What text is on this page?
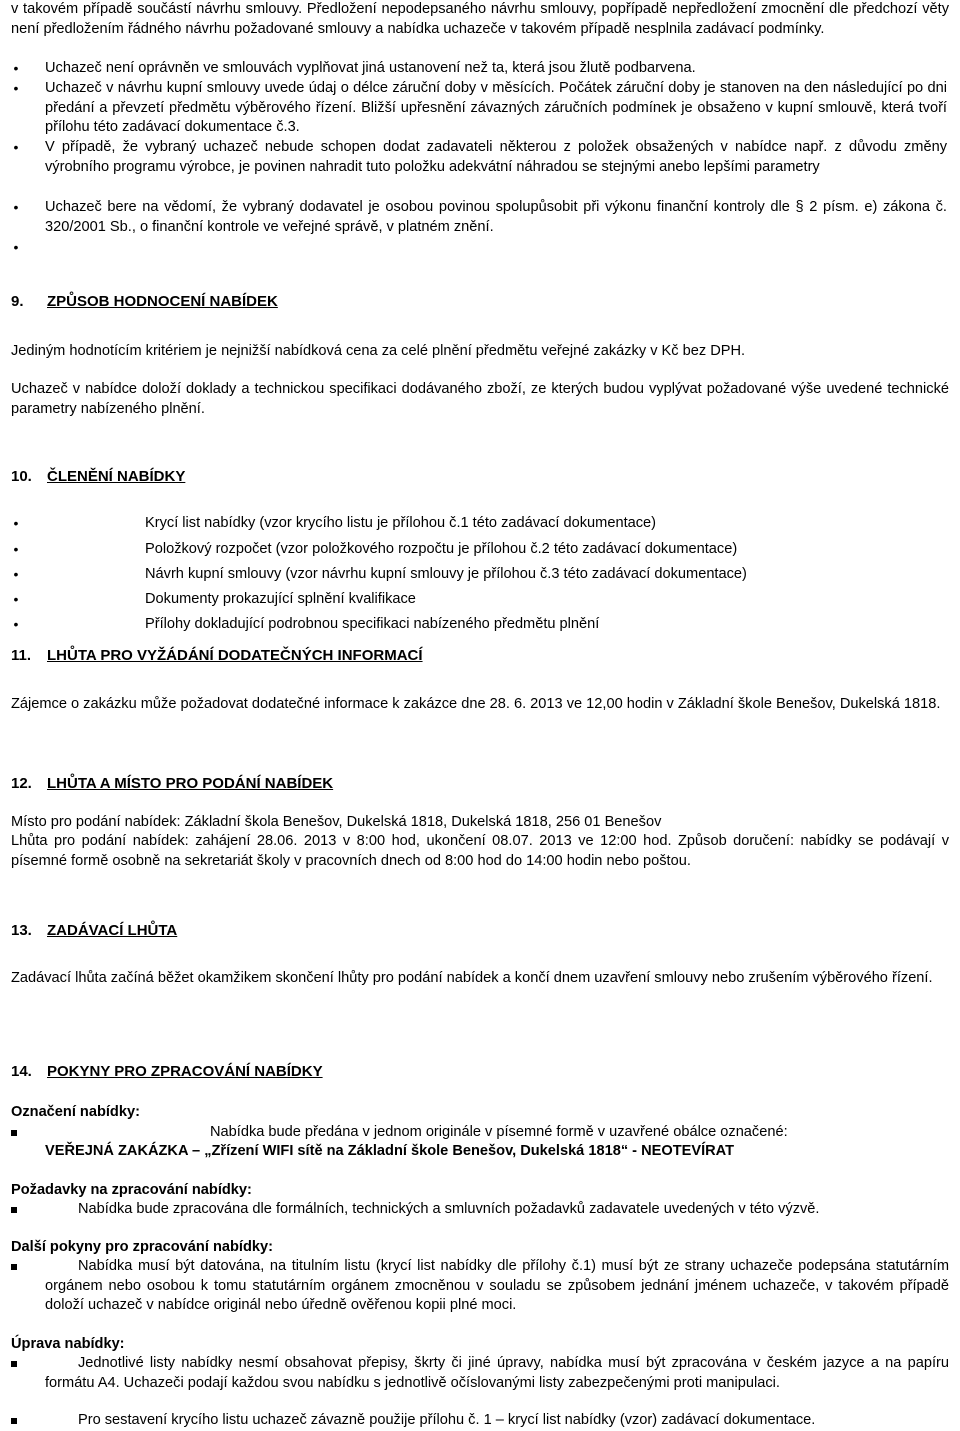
v takovém případě součástí návrhu smlouvy. Předložení nepodepsaného návrhu smlouvy, popřípadě nepředložení zmocnění dle předchozí věty není předložením řádného návrhu požadované smlouvy a nabídka uchazeče v takovém případě nesplnila zadávací podmínky.
• Uchazeč není oprávněn ve smlouvách vyplňovat jiná ustanovení než ta, která jsou žlutě podbarvena.
• Uchazeč v návrhu kupní smlouvy uvede údaj o délce záruční doby v měsících. Počátek záruční doby je stanoven na den následující po dni předání a převzetí předmětu výběrového řízení. Bližší upřesnění závazných záručních podmínek je obsaženo v kupní smlouvě, která tvoří přílohu této zadávací dokumentace č.3.
• V případě, že vybraný uchazeč nebude schopen dodat zadavateli některou z položek obsažených v nabídce např. z důvodu změny výrobního programu výrobce, je povinen nahradit tuto položku adekvátní náhradou se stejnými anebo lepšími parametry
• Uchazeč bere na vědomí, že vybraný dodavatel je osobou povinou spolupůsobit při výkonu finanční kontroly dle § 2 písm. e) zákona č. 320/2001 Sb., o finanční kontrole ve veřejné správě, v platném znění.
•
9. ZPŮSOB HODNOCENÍ NABÍDEK
Jediným hodnotícím kritériem je nejnižší nabídková cena za celé plnění předmětu veřejné zakázky v Kč bez DPH.
Uchazeč v nabídce doloží doklady a technickou specifikaci dodávaného zboží, ze kterých budou vyplývat požadované výše uvedené technické parametry nabízeného plnění.
10. ČLENĚNÍ NABÍDKY
•	Krycí list nabídky (vzor krycího listu je přílohou č.1 této zadávací dokumentace)
•	Položkový rozpočet (vzor položkového rozpočtu je přílohou č.2 této zadávací dokumentace)
•	Návrh kupní smlouvy (vzor návrhu kupní smlouvy je přílohou č.3 této zadávací dokumentace)
•	Dokumenty prokazující splnění kvalifikace
•	Přílohy dokladující podrobnou specifikaci nabízeného předmětu plnění
11. LHŮTA PRO VYŽÁDÁNÍ DODATEČNÝCH INFORMACÍ
Zájemce o zakázku může požadovat dodatečné informace k zakázce dne 28. 6. 2013 ve 12,00 hodin v Základní škole Benešov, Dukelská 1818.
12. LHŮTA A MÍSTO PRO PODÁNÍ NABÍDEK
Místo pro podání nabídek: Základní škola Benešov, Dukelská 1818, Dukelská 1818, 256 01 Benešov
Lhůta pro podání nabídek: zahájení 28.06. 2013 v 8:00 hod, ukončení 08.07. 2013 ve 12:00 hod. Způsob doručení: nabídky se podávají v písemné formě osobně na sekretariát školy v pracovních dnech od 8:00 hod do 14:00 hodin nebo poštou.
13. ZADÁVACÍ LHŮTA
Zadávací lhůta začíná běžet okamžikem skončení lhůty pro podání nabídek a končí dnem uzavření smlouvy nebo zrušením výběrového řízení.
14. POKYNY PRO ZPRACOVÁNÍ NABÍDKY
Označení nabídky:
Nabídka bude předána v jednom originále v písemné formě v uzavřené obálce označené:
VEŘEJNÁ ZAKÁZKA – „Zřízení WIFI sítě na Základní škole Benešov, Dukelská 1818“ - NEOTEVÍRAT
Požadavky na zpracování nabídky:
Nabídka bude zpracována dle formálních, technických a smluvních požadavků zadavatele uvedených v této výzvě.
Další pokyny pro zpracování nabídky:
Nabídka musí být datována, na titulním listu (krycí list nabídky dle přílohy č.1) musí být ze strany uchazeče podepsána statutárním orgánem nebo osobou k tomu statutárním orgánem zmocněnou v souladu se způsobem jednání jménem uchazeče, v takovém případě doloží uchazeč v nabídce originál nebo úředně ověřenou kopii plné moci.
Úprava nabídky:
Jednotlivé listy nabídky nesmí obsahovat přepisy, škrty či jiné úpravy, nabídka musí být zpracována v českém jazyce a na papíru formátu A4. Uchazeči podají každou svou nabídku s jednotlivě očíslovanými listy zabezpečenými proti manipulaci.
Pro sestavení krycího listu uchazeč závazně použije přílohu č. 1 – krycí list nabídky (vzor) zadávací dokumentace.
